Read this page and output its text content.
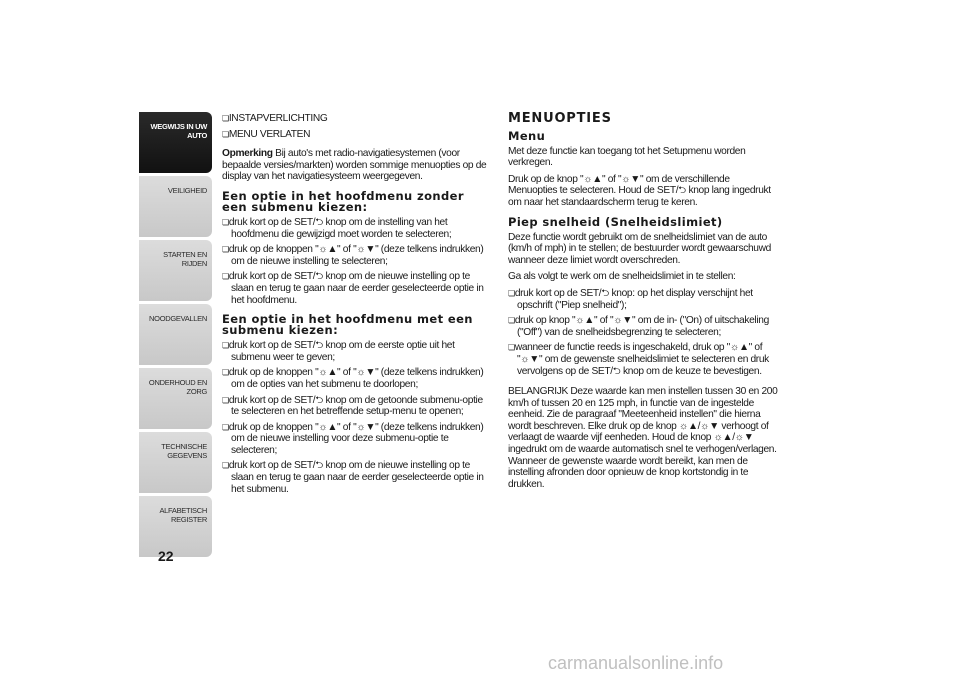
WEGWIJS IN UW AUTO
VEILIGHEID
STARTEN EN RIJDEN
NOODGEVALLEN
ONDERHOUD EN ZORG
TECHNISCHE GEGEVENS
ALFABETISCH REGISTER
22
❏ INSTAPVERLICHTING
❏ MENU VERLATEN

Opmerking Bij auto's met radio-navigatiesystemen (voor bepaalde versies/markten) worden sommige menuopties op de display van het navigatiesysteem weergegeven.

Een optie in het hoofdmenu zonder een submenu kiezen:
❏ druk kort op de SET/⮌ knop om de instelling van het hoofdmenu die gewijzigd moet worden te selecteren;
❏ druk op de knoppen "☼▲" of "☼▼" (deze telkens indrukken) om de nieuwe instelling te selecteren;
❏ druk kort op de SET/⮌ knop om de nieuwe instelling op te slaan en terug te gaan naar de eerder geselecteerde optie in het hoofdmenu.
Een optie in het hoofdmenu met een submenu kiezen:
❏ druk kort op de SET/⮌ knop om de eerste optie uit het submenu weer te geven;
❏ druk op de knoppen "☼▲" of "☼▼" (deze telkens indrukken) om de opties van het submenu te doorlopen;
❏ druk kort op de SET/⮌ knop om de getoonde submenu-optie te selecteren en het betreffende setup-menu te openen;
❏ druk op de knoppen "☼▲" of "☼▼" (deze telkens indrukken) om de nieuwe instelling voor deze submenu-optie te selecteren;
❏ druk kort op de SET/⮌ knop om de nieuwe instelling op te slaan en terug te gaan naar de eerder geselecteerde optie in het submenu.
MENUOPTIES
Menu

Met deze functie kan toegang tot het Setupmenu worden verkregen.

Druk op de knop "☼▲" of "☼▼" om de verschillende Menuopties te selecteren. Houd de SET/⮌ knop lang ingedrukt om naar het standaardscherm terug te keren.

Piep snelheid (Snelheidslimiet)

Deze functie wordt gebruikt om de snelheidslimiet van de auto (km/h of mph) in te stellen; de bestuurder wordt gewaarschuwd wanneer deze limiet wordt overschreden.

Ga als volgt te werk om de snelheidslimiet in te stellen:

❏ druk kort op de SET/⮌ knop: op het display verschijnt het opschrift ("Piep snelheid");
❏ druk op knop "☼▲" of "☼▼" om de in- ("On) of uitschakeling ("Off") van de snelheidsbegrenzing te selecteren;
❏ wanneer de functie reeds is ingeschakeld, druk op "☼▲" of "☼▼" om de gewenste snelheidslimiet te selecteren en druk vervolgens op de SET/⮌ knop om de keuze te bevestigen.

BELANGRIJK Deze waarde kan men instellen tussen 30 en 200 km/h of tussen 20 en 125 mph, in functie van de ingestelde eenheid. Zie de paragraaf "Meeteenheid instellen" die hierna wordt beschreven. Elke druk op de knop ☼▲/☼▼ verhoogt of verlaagt de waarde vijf eenheden. Houd de knop ☼▲/☼▼ ingedrukt om de waarde automatisch snel te verhogen/verlagen. Wanneer de gewenste waarde wordt bereikt, kan men de instelling afronden door opnieuw de knop kortstondig in te drukken.

carmanualsonline.info
